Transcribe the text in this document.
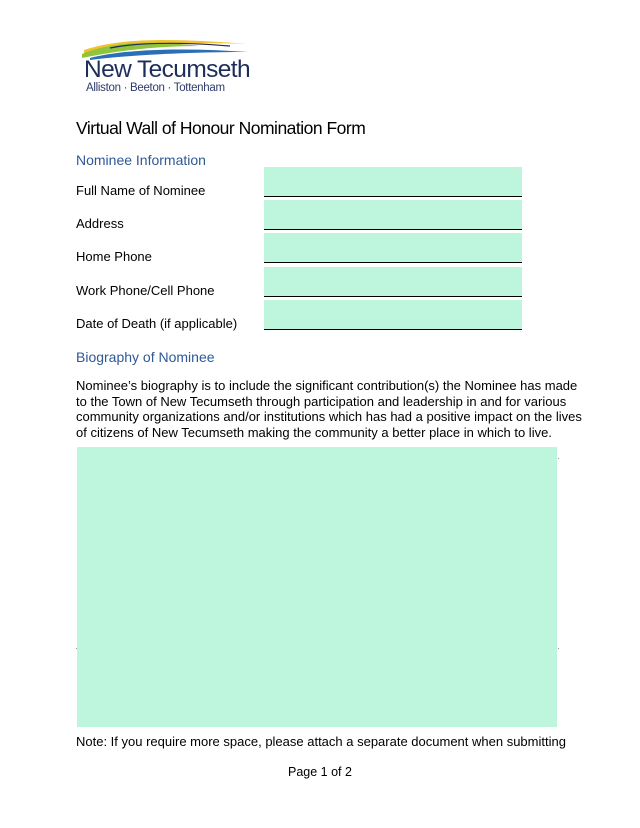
New Tecumseth
Alliston · Beeton · Tottenham
Virtual Wall of Honour Nomination Form
Nominee Information
Full Name of Nominee
Address
Home Phone
Work Phone/Cell Phone
Date of Death (if applicable)
Biography of Nominee
Nominee’s biography is to include the significant contribution(s) the Nominee has made
to the Town of New Tecumseth through participation and leadership in and for various
community organizations and/or institutions which has had a positive impact on the lives
of citizens of New Tecumseth making the community a better place in which to live.
Note: If you require more space, please attach a separate document when submitting
Page 1 of 2
